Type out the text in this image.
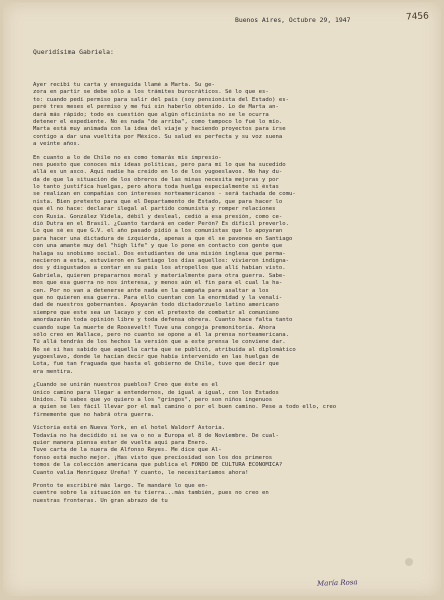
7456
Buenos Aires, Octubre 29, 1947
Queridísima Gabriela:
Ayer recibí tu carta y enseguida llamé a Marta. Su ge-
zora en partir se debe sólo a los trámites burocráticos. Sé lo que es-
to: cuando pedí permiso para salir del país (soy pensionista del Estado) es-
peré tres meses el permiso y me fui sin haberlo obtenido. Lo de Marta an-
dará más rápido; todo es cuestión que algún oficinista no se le ocurra
detener el expediente. No es nada "de arriba", como tampoco lo fué lo mío.
Marta está muy animada con la idea del viaje y haciendo proyectos para irse
contigo a dar una vueltita por México. Su salud es perfecta y su voz suena
a veinte años.
En cuanto a lo de Chile no es como tomarás mis impresio-
nes puesto que conoces mis ideas políticas, pero para mí lo que ha sucedido
allá es un asco. Aquí nadie ha creído en lo de los yugoeslavos. No hay du-
da de que la situación de los obreros de las minas necesita mejoras y por
lo tanto justifica huelgas, pero ahora toda huelga especialmente si éstas
se realizan en compañías con intereses norteamericanos - será tachada de comu-
nista. Bien pretexto para que el Departamento de Estado, que para hacer lo
que él no hace: declarar ilegal al partido comunista y romper relaciones
con Rusia. González Videla, débil y desleal, cedió a esa presión, como ce-
dió Dutra en el Brasil. ¿Cuanto tardará en ceder Perón? Es difícil preverlo.
Lo que sé es que G.V. el año pasado pidió a los comunistas que lo apoyaran
para hacer una dictadura de izquierda, apenas a que él se pavonea en Santiago
con una amante muy del "high life" y que lo pone en contacto con gente que
halaga su snobismo social. Dos estudiantes de una misión inglesa que perma-
necieron a esta, estuvieron en Santiago los días aquellos: vivieron indigna-
dos y disgustados a contar en su país los atropellos que allí habían visto.
Gabriela, quieren prepararnos moral y materialmente para otra guerra. Sabe-
mos que esa guerra no nos interesa, y menos aún el fin para el cual la ha-
cen. Por no van a detenerse ante nada en la campaña para asaltar a los
que no quieren esa guerra. Para ello cuentan con la enormidad y la venali-
dad de nuestros gobernantes. Apoyarán todo dictadorzuelo latino americano
siempre que este sea un lacayo y con el pretexto de combatir al comunismo
amordazarán toda opinión libre y toda defensa obrera. Cuanto hace falta tanto
cuando supe la muerte de Roosevelt! Tuve una congoja premonitoria. Ahora
sólo creo en Wallace, pero no cuanto se opone a él la prensa norteamericana.
Tú allá tendrás de los hechos la versión que a este prensa le conviene dar.
No sé si has sabido que aquella carta que se publicó, atribuída al diplomático
yugoeslavo, donde le hacían decir que había intervenido en las huelgas de
Lota, fué tan fraguada que hasta el gobierno de Chile, tuvo que decir que
era mentira.
¿Cuando se unirán nuestros pueblos? Creo que éste es el
único camino para llegar a entendernos, de igual a igual, con los Estados
Unidos. Tú sabes que yo quiero a los "gringos", pero son niños ingenuos
a quien se les fácil llevar por el mal camino o por el buen camino. Pese a todo ello, creo
firmemente que no habrá otra guerra.
Victoria está en Nueva York, en el hotel Waldorf Astoria.
Todavía no ha decidido si se va o no a Europa el 8 de Noviembre. De cual-
quier manera piensa estar de vuelta aquí para Enero.
Tuve carta de la nuera de Alfonso Reyes. Me dice que Al-
fonso está mucho mejor. ¡Has visto que preciosidad son los dos primeros
tomos de la colección americana que publica el FONDO DE CULTURA ECONOMICA?
Cuanto valía Henríquez Ureña! Y cuanto, le necesitaríamos ahora!
Pronto te escribiré más largo. Te mandaré lo que en-
cuentre sobre la situación en tu tierra...más también, pues no creo en
nuestras fronteras. Un gran abrazo de tu
María Rosa
